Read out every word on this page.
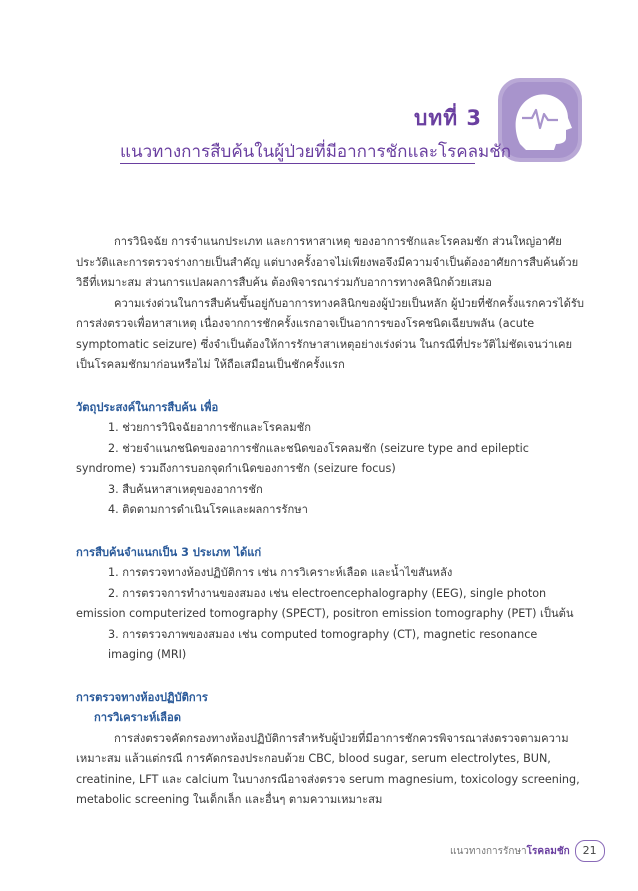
บทที่ 3
แนวทางการสืบค้นในผู้ป่วยที่มีอาการชักและโรคลมชัก

การวินิจฉัย การจำแนกประเภท และการหาสาเหตุ ของอาการชักและโรคลมชัก ส่วนใหญ่อาศัยประวัติและการตรวจร่างกายเป็นสำคัญ แต่บางครั้งอาจไม่เพียงพอจึงมีความจำเป็นต้องอาศัยการสืบค้นด้วยวิธีที่เหมาะสม ส่วนการแปลผลการสืบค้น ต้องพิจารณาร่วมกับอาการทางคลินิกด้วยเสมอ

ความเร่งด่วนในการสืบค้นขึ้นอยู่กับอาการทางคลินิกของผู้ป่วยเป็นหลัก ผู้ป่วยที่ชักครั้งแรกควรได้รับการส่งตรวจเพื่อหาสาเหตุ เนื่องจากการชักครั้งแรกอาจเป็นอาการของโรคชนิดเฉียบพลัน (acute symptomatic seizure) ซึ่งจำเป็นต้องให้การรักษาสาเหตุอย่างเร่งด่วน ในกรณีที่ประวัติไม่ชัดเจนว่าเคยเป็นโรคลมชักมาก่อนหรือไม่ ให้ถือเสมือนเป็นชักครั้งแรก

วัตถุประสงค์ในการสืบค้น เพื่อ

1. ช่วยการวินิจฉัยอาการชักและโรคลมชัก

2. ช่วยจำแนกชนิดของอาการชักและชนิดของโรคลมชัก (seizure type and epileptic syndrome) รวมถึงการบอกจุดกำเนิดของการชัก (seizure focus)

3. สืบค้นหาสาเหตุของอาการชัก

4. ติดตามการดำเนินโรคและผลการรักษา

การสืบค้นจำแนกเป็น 3 ประเภท ได้แก่

1. การตรวจทางห้องปฏิบัติการ เช่น การวิเคราะห์เลือด และน้ำไขสันหลัง

2. การตรวจการทำงานของสมอง เช่น electroencephalography (EEG), single photon emission computerized tomography (SPECT), positron emission tomography (PET) เป็นต้น

3. การตรวจภาพของสมอง เช่น computed tomography (CT), magnetic resonance imaging (MRI)

การตรวจทางห้องปฏิบัติการ

การวิเคราะห์เลือด

การส่งตรวจคัดกรองทางห้องปฏิบัติการสำหรับผู้ป่วยที่มีอาการชักควรพิจารณาส่งตรวจตามความเหมาะสม แล้วแต่กรณี การคัดกรองประกอบด้วย CBC, blood sugar, serum electrolytes, BUN, creatinine, LFT และ calcium ในบางกรณีอาจส่งตรวจ serum magnesium, toxicology screening, metabolic screening ในเด็กเล็ก และอื่นๆ ตามความเหมาะสม

แนวทางการรักษา โรคลมชัก	21
